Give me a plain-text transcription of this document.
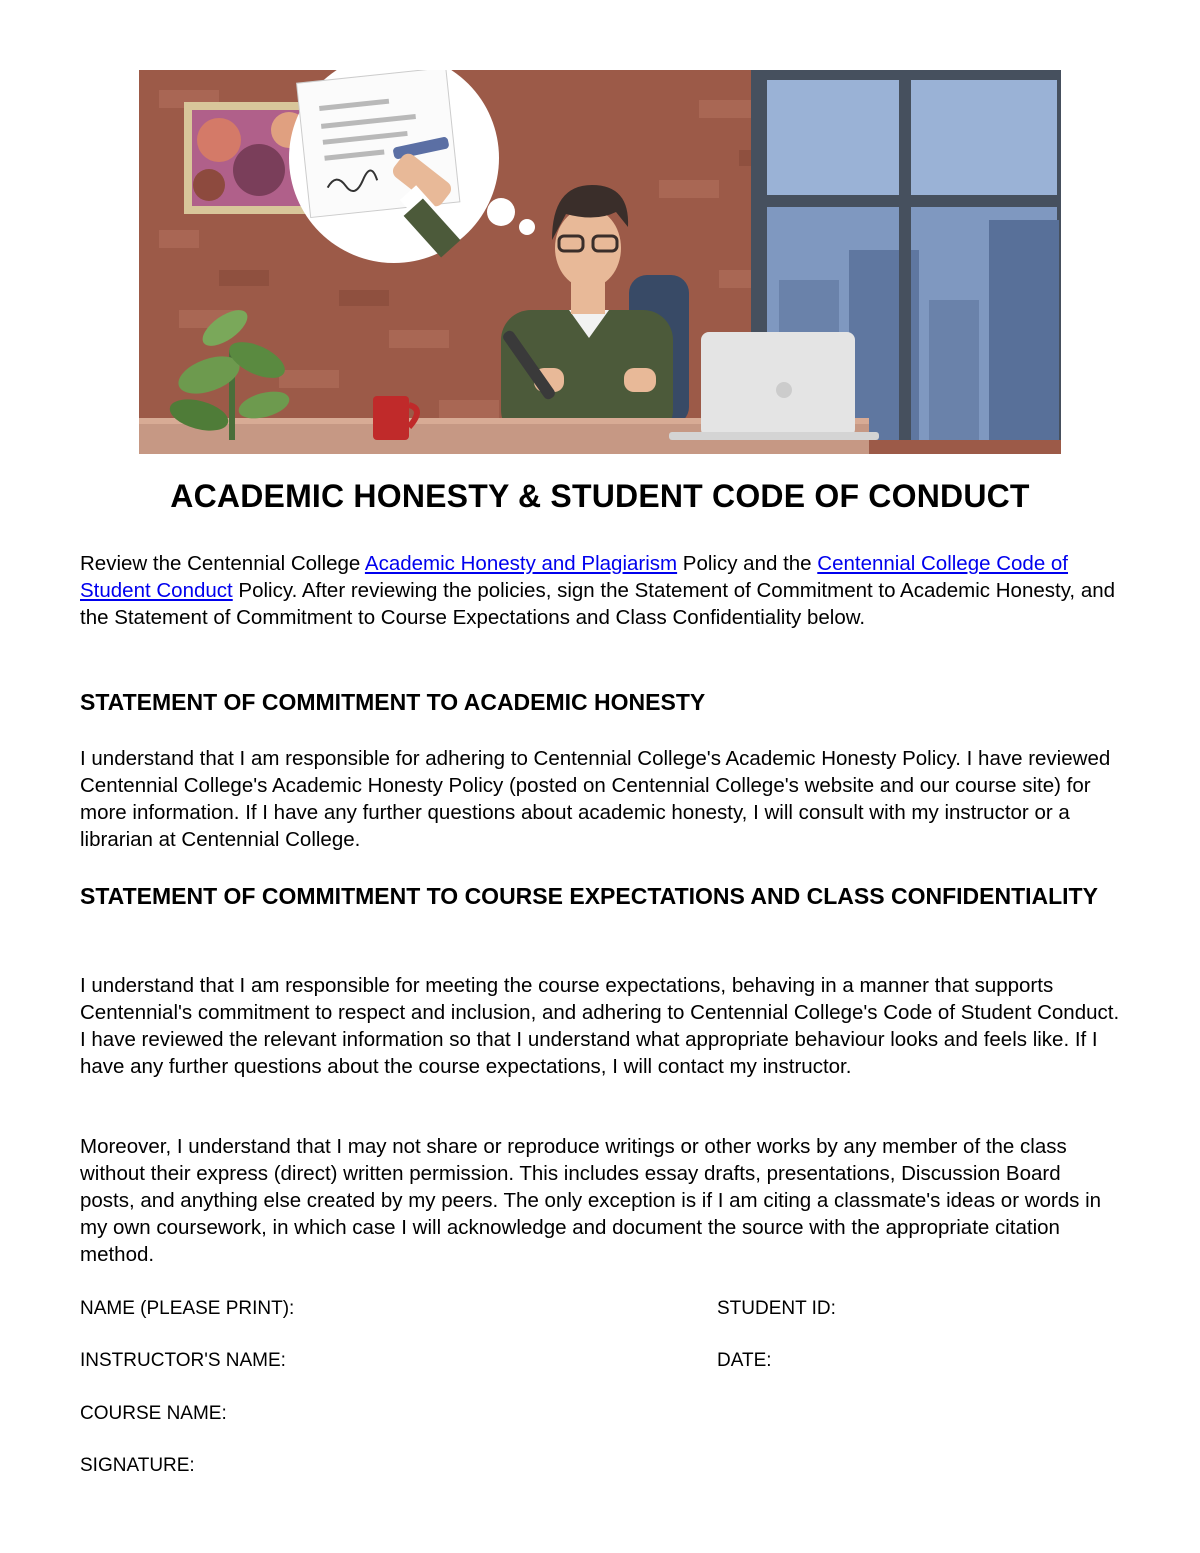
ACADEMIC HONESTY & STUDENT CODE OF CONDUCT

Review the Centennial College Academic Honesty and Plagiarism Policy and the Centennial College Code of Student Conduct Policy. After reviewing the policies, sign the Statement of Commitment to Academic Honesty, and the Statement of Commitment to Course Expectations and Class Confidentiality below.

STATEMENT OF COMMITMENT TO ACADEMIC HONESTY

I understand that I am responsible for adhering to Centennial College's Academic Honesty Policy. I have reviewed Centennial College's Academic Honesty Policy (posted on Centennial College's website and our course site) for more information. If I have any further questions about academic honesty, I will consult with my instructor or a librarian at Centennial College.

STATEMENT OF COMMITMENT TO COURSE EXPECTATIONS AND CLASS CONFIDENTIALITY

I understand that I am responsible for meeting the course expectations, behaving in a manner that supports Centennial's commitment to respect and inclusion, and adhering to Centennial College's Code of Student Conduct. I have reviewed the relevant information so that I understand what appropriate behaviour looks and feels like. If I have any further questions about the course expectations, I will contact my instructor.

Moreover, I understand that I may not share or reproduce writings or other works by any member of the class without their express (direct) written permission. This includes essay drafts, presentations, Discussion Board posts, and anything else created by my peers. The only exception is if I am citing a classmate's ideas or words in my own coursework, in which case I will acknowledge and document the source with the appropriate citation method.

NAME (PLEASE PRINT):	STUDENT ID:
INSTRUCTOR'S NAME:	DATE:
COURSE NAME:
SIGNATURE:
